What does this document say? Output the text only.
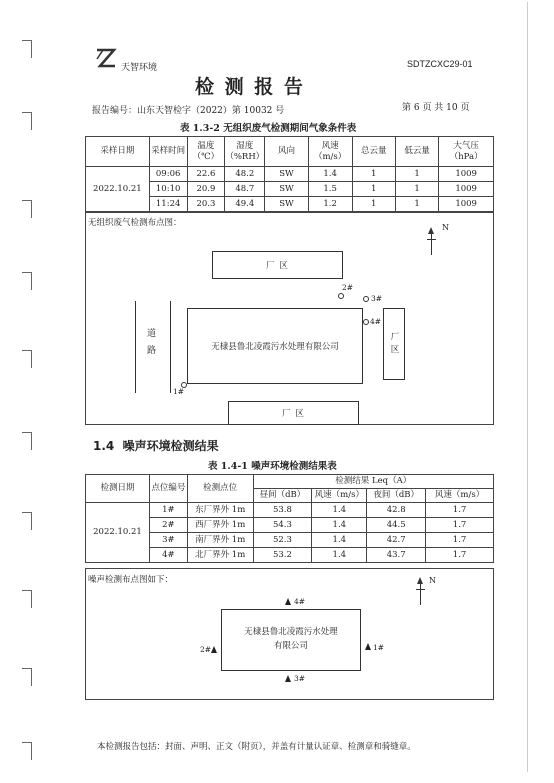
天智环境	SDTZCXC29-01
检 测 报 告
报告编号：山东天智检字（2022）第 10032 号	第 6 页 共 10 页
表 1.3-2 无组织废气检测期间气象条件表
采样日期	采样时间	温度（℃）	湿度（%RH）	风向	风速（m/s）	总云量	低云量	大气压（hPa）
2022.10.21	09:06	22.6	48.2	SW	1.4	1	1	1009
	10:10	20.9	48.7	SW	1.5	1	1	1009
	11:24	20.3	49.4	SW	1.2	1	1	1009
无组织废气检测布点图：	N
厂 区
无棣县鲁北凌霞污水处理有限公司	厂区
厂 区
道路
1#
2#
3#
4#
1.4 噪声环境检测结果
表 1.4-1 噪声环境检测结果表
检测日期	点位编号	检测点位	检测结果 Leq（A）			
			昼间（dB）	风速（m/s）	夜间（dB）	风速（m/s）
2022.10.21	1#	东厂界外 1m	53.8	1.4	42.8	1.7
	2#	西厂界外 1m	54.3	1.4	44.5	1.7
	3#	南厂界外 1m	52.3	1.4	42.7	1.7
	4#	北厂界外 1m	53.2	1.4	43.7	1.7
噪声检测布点图如下：	N
无棣县鲁北凌霞污水处理
有限公司
4#
3#
2#	1#
本检测报告包括：封面、声明、正文（附页），并盖有计量认证章、检测章和骑缝章。
